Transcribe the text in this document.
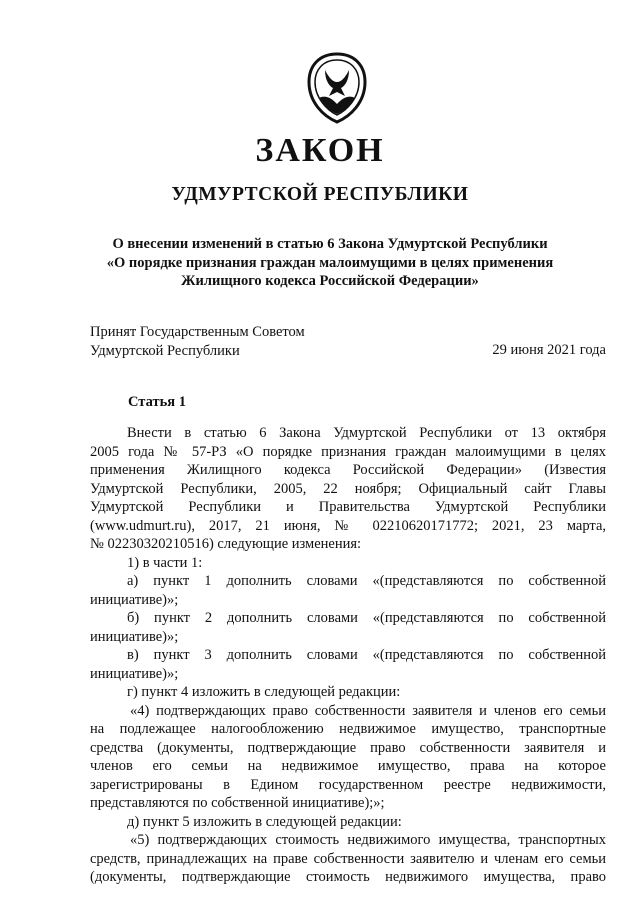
ЗАКОН
УДМУРТСКОЙ РЕСПУБЛИКИ
О внесении изменений в статью 6 Закона Удмуртской Республики
«О порядке признания граждан малоимущими в целях применения
Жилищного кодекса Российской Федерации»
Принят Государственным Советом
Удмуртской Республики	29 июня 2021 года
Статья 1
Внести в статью 6 Закона Удмуртской Республики от 13 октября
2005 года № 57-РЗ «О порядке признания граждан малоимущими в целях
применения Жилищного кодекса Российской Федерации» (Известия
Удмуртской Республики, 2005, 22 ноября; Официальный сайт Главы
Удмуртской Республики и Правительства Удмуртской Республики
(www.udmurt.ru), 2017, 21 июня, № 02210620171772; 2021, 23 марта,
№ 02230320210516) следующие изменения:
1) в части 1:
а) пункт 1 дополнить словами «(представляются по собственной
инициативе)»;
б) пункт 2 дополнить словами «(представляются по собственной
инициативе)»;
в) пункт 3 дополнить словами «(представляются по собственной
инициативе)»;
г) пункт 4 изложить в следующей редакции:
«4) подтверждающих право собственности заявителя и членов его семьи
на подлежащее налогообложению недвижимое имущество, транспортные
средства (документы, подтверждающие право собственности заявителя и
членов его семьи на недвижимое имущество, права на которое
зарегистрированы в Едином государственном реестре недвижимости,
представляются по собственной инициативе);»;
д) пункт 5 изложить в следующей редакции:
«5) подтверждающих стоимость недвижимого имущества, транспортных
средств, принадлежащих на праве собственности заявителю и членам его семьи
(документы, подтверждающие стоимость недвижимого имущества, право
